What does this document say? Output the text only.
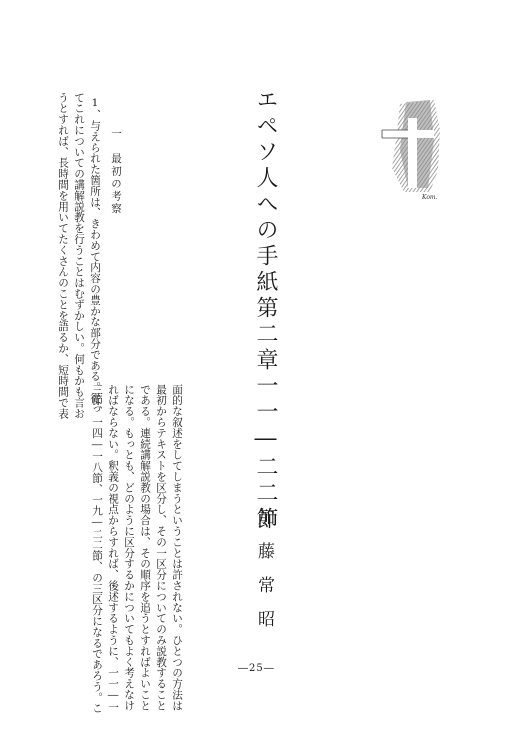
エペソ人への手紙第二章一一―二二節
加藤常昭
一　最初の考察
1、与えられた箇所は、きわめて内容の豊かな部分である。従っ
てこれについての講解説教を行うことはむずかしい。何もかも言お
うとすれば、長時間を用いてたくさんのことを語るか、短時間で表
面的な叙述をしてしまうということは許されない。ひとつの方法は
最初からテキストを区分し、その一区分についてのみ説教すること
である。連続講解説教の場合は、その順序を追うとすればよいこと
になる。もっとも、どのように区分するかについてもよく考えなけ
ればならない。釈義の視点からすれば、後述するように、一一―一
三節、一四―一八節、一九―二二節、の三区分になるであろう。こ
Kom.
―25―
